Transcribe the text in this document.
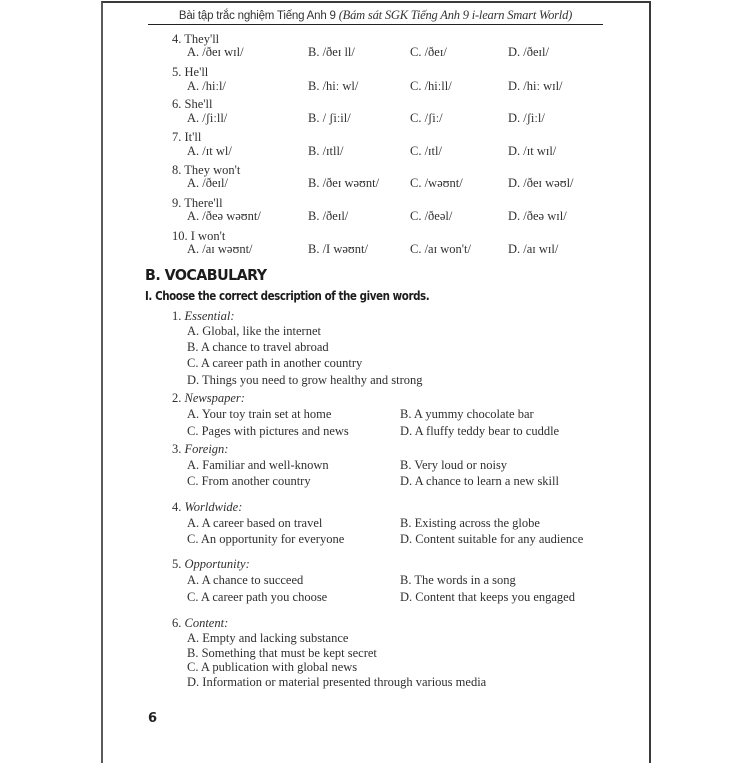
Bài tập trắc nghiệm Tiếng Anh 9 (Bám sát SGK Tiếng Anh 9 i-learn Smart World)
4. They'll
A. /ðeɪ wɪl/	B. /ðeɪ ll/	C. /ðeɪ/	D. /ðeɪl/
5. He'll
A. /hiːl/	B. /hiː wl/	C. /hiːll/	D. /hiː wɪl/
6. She'll
A. /ʃiːll/	B. / ʃiːil/	C. /ʃiː/	D. /ʃiːl/
7. It'll
A. /ɪt wl/	B. /ɪtll/	C. /ɪtl/	D. /ɪt wɪl/
8. They won't
A. /ðeɪl/	B. /ðeɪ wəʊnt/ C. /wəʊnt/	D. /ðeɪ wəʊl/
9. There'll
A. /ðeə wəʊnt/	B. /ðeɪl/	C. /ðeəl/	D. /ðeə wɪl/
10. I won't
A. /aɪ wəʊnt/	B. /I wəʊnt/	C. /aɪ won't/	D. /aɪ wɪl/
B. VOCABULARY
I. Choose the correct description of the given words.
1. Essential:
A. Global, like the internet
B. A chance to travel abroad
C. A career path in another country
D. Things you need to grow healthy and strong
2. Newspaper:
A. Your toy train set at home	B. A yummy chocolate bar
C. Pages with pictures and news	D. A fluffy teddy bear to cuddle
3. Foreign:
A. Familiar and well-known	B. Very loud or noisy
C. From another country	D. A chance to learn a new skill
4. Worldwide:
A. A career based on travel	B. Existing across the globe
C. An opportunity for everyone	D. Content suitable for any audience
5. Opportunity:
A. A chance to succeed	B. The words in a song
C. A career path you choose	D. Content that keeps you engaged
6. Content:
A. Empty and lacking substance
B. Something that must be kept secret
C. A publication with global news
D. Information or material presented through various media
6
